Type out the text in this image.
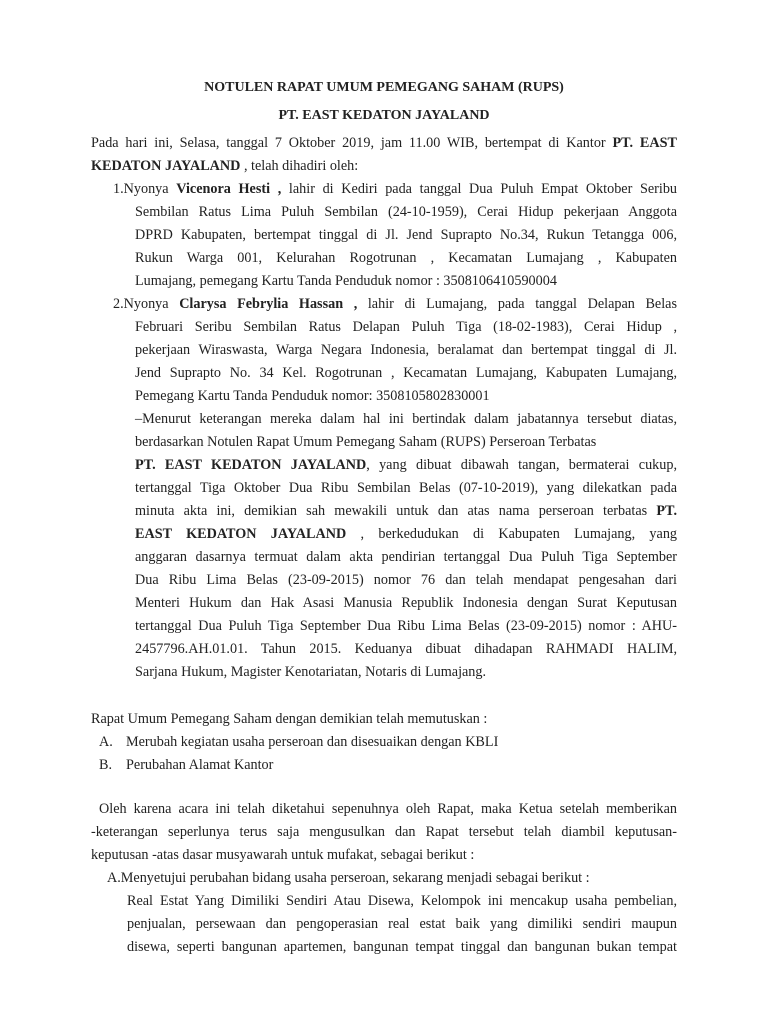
NOTULEN RAPAT UMUM PEMEGANG SAHAM (RUPS)
PT. EAST KEDATON JAYALAND

Pada hari ini, Selasa, tanggal 7 Oktober 2019, jam 11.00 WIB, bertempat di Kantor PT. EAST

KEDATON JAYALAND , telah dihadiri oleh:

1.Nyonya Vicenora Hesti , lahir di Kediri pada tanggal Dua Puluh Empat Oktober Seribu

Sembilan Ratus Lima Puluh Sembilan (24-10-1959), Cerai Hidup pekerjaan Anggota

DPRD Kabupaten, bertempat tinggal di Jl. Jend Suprapto No.34, Rukun Tetangga 006,

Rukun Warga 001, Kelurahan Rogotrunan , Kecamatan Lumajang , Kabupaten

Lumajang, pemegang Kartu Tanda Penduduk nomor : 3508106410590004

2.Nyonya Clarysa Febrylia Hassan , lahir di Lumajang, pada tanggal Delapan Belas

Februari Seribu Sembilan Ratus Delapan Puluh Tiga (18-02-1983), Cerai Hidup ,

pekerjaan Wiraswasta, Warga Negara Indonesia, beralamat dan bertempat tinggal di Jl.

Jend Suprapto No. 34 Kel. Rogotrunan , Kecamatan Lumajang, Kabupaten Lumajang,

Pemegang Kartu Tanda Penduduk nomor: 3508105802830001

–Menurut keterangan mereka dalam hal ini bertindak dalam jabatannya tersebut diatas,

berdasarkan Notulen Rapat Umum Pemegang Saham (RUPS) Perseroan Terbatas

PT. EAST KEDATON JAYALAND, yang dibuat dibawah tangan, bermaterai cukup,

tertanggal Tiga Oktober Dua Ribu Sembilan Belas (07-10-2019), yang dilekatkan pada

minuta akta ini, demikian sah mewakili untuk dan atas nama perseroan terbatas PT.

EAST KEDATON JAYALAND , berkedudukan di Kabupaten Lumajang, yang

anggaran dasarnya termuat dalam akta pendirian tertanggal Dua Puluh Tiga September

Dua Ribu Lima Belas (23-09-2015) nomor 76 dan telah mendapat pengesahan dari

Menteri Hukum dan Hak Asasi Manusia Republik Indonesia dengan Surat Keputusan

tertanggal Dua Puluh Tiga September Dua Ribu Lima Belas (23-09-2015) nomor : AHU-

2457796.AH.01.01. Tahun 2015. Keduanya dibuat dihadapan RAHMADI HALIM,

Sarjana Hukum, Magister Kenotariatan, Notaris di Lumajang.

Rapat Umum Pemegang Saham dengan demikian telah memutuskan :

A. Merubah kegiatan usaha perseroan dan disesuaikan dengan KBLI

B. Perubahan Alamat Kantor

Oleh karena acara ini telah diketahui sepenuhnya oleh Rapat, maka Ketua setelah memberikan

-keterangan seperlunya terus saja mengusulkan dan Rapat tersebut telah diambil keputusan-

keputusan -atas dasar musyawarah untuk mufakat, sebagai berikut :

A.Menyetujui perubahan bidang usaha perseroan, sekarang menjadi sebagai berikut :

Real Estat Yang Dimiliki Sendiri Atau Disewa, Kelompok ini mencakup usaha pembelian,

penjualan, persewaan dan pengoperasian real estat baik yang dimiliki sendiri maupun

disewa, seperti bangunan apartemen, bangunan tempat tinggal dan bangunan bukan tempat
